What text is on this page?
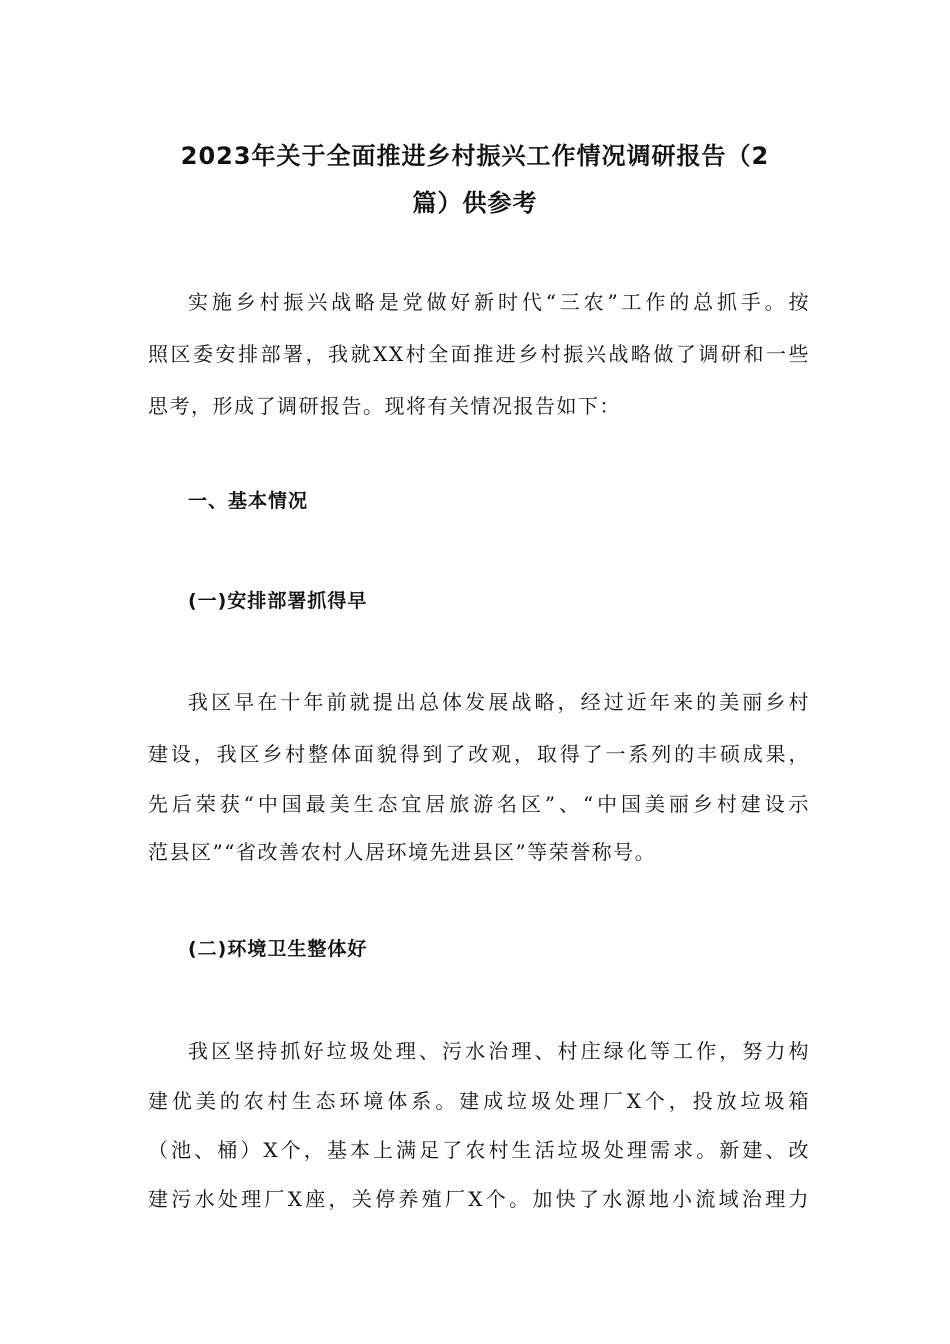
2023年关于全面推进乡村振兴工作情况调研报告（2
篇）供参考
实施乡村振兴战略是党做好新时代“三农”工作的总抓手。按
照区委安排部署，我就XX村全面推进乡村振兴战略做了调研和一些
思考，形成了调研报告。现将有关情况报告如下：
一、基本情况
(一)安排部署抓得早
我区早在十年前就提出总体发展战略，经过近年来的美丽乡村
建设，我区乡村整体面貌得到了改观，取得了一系列的丰硕成果，
先后荣获“中国最美生态宜居旅游名区”、“中国美丽乡村建设示
范县区”“省改善农村人居环境先进县区”等荣誉称号。
(二)环境卫生整体好
我区坚持抓好垃圾处理、污水治理、村庄绿化等工作，努力构
建优美的农村生态环境体系。建成垃圾处理厂X个，投放垃圾箱
（池、桶）X个，基本上满足了农村生活垃圾处理需求。新建、改
建污水处理厂X座，关停养殖厂X个。加快了水源地小流域治理力
